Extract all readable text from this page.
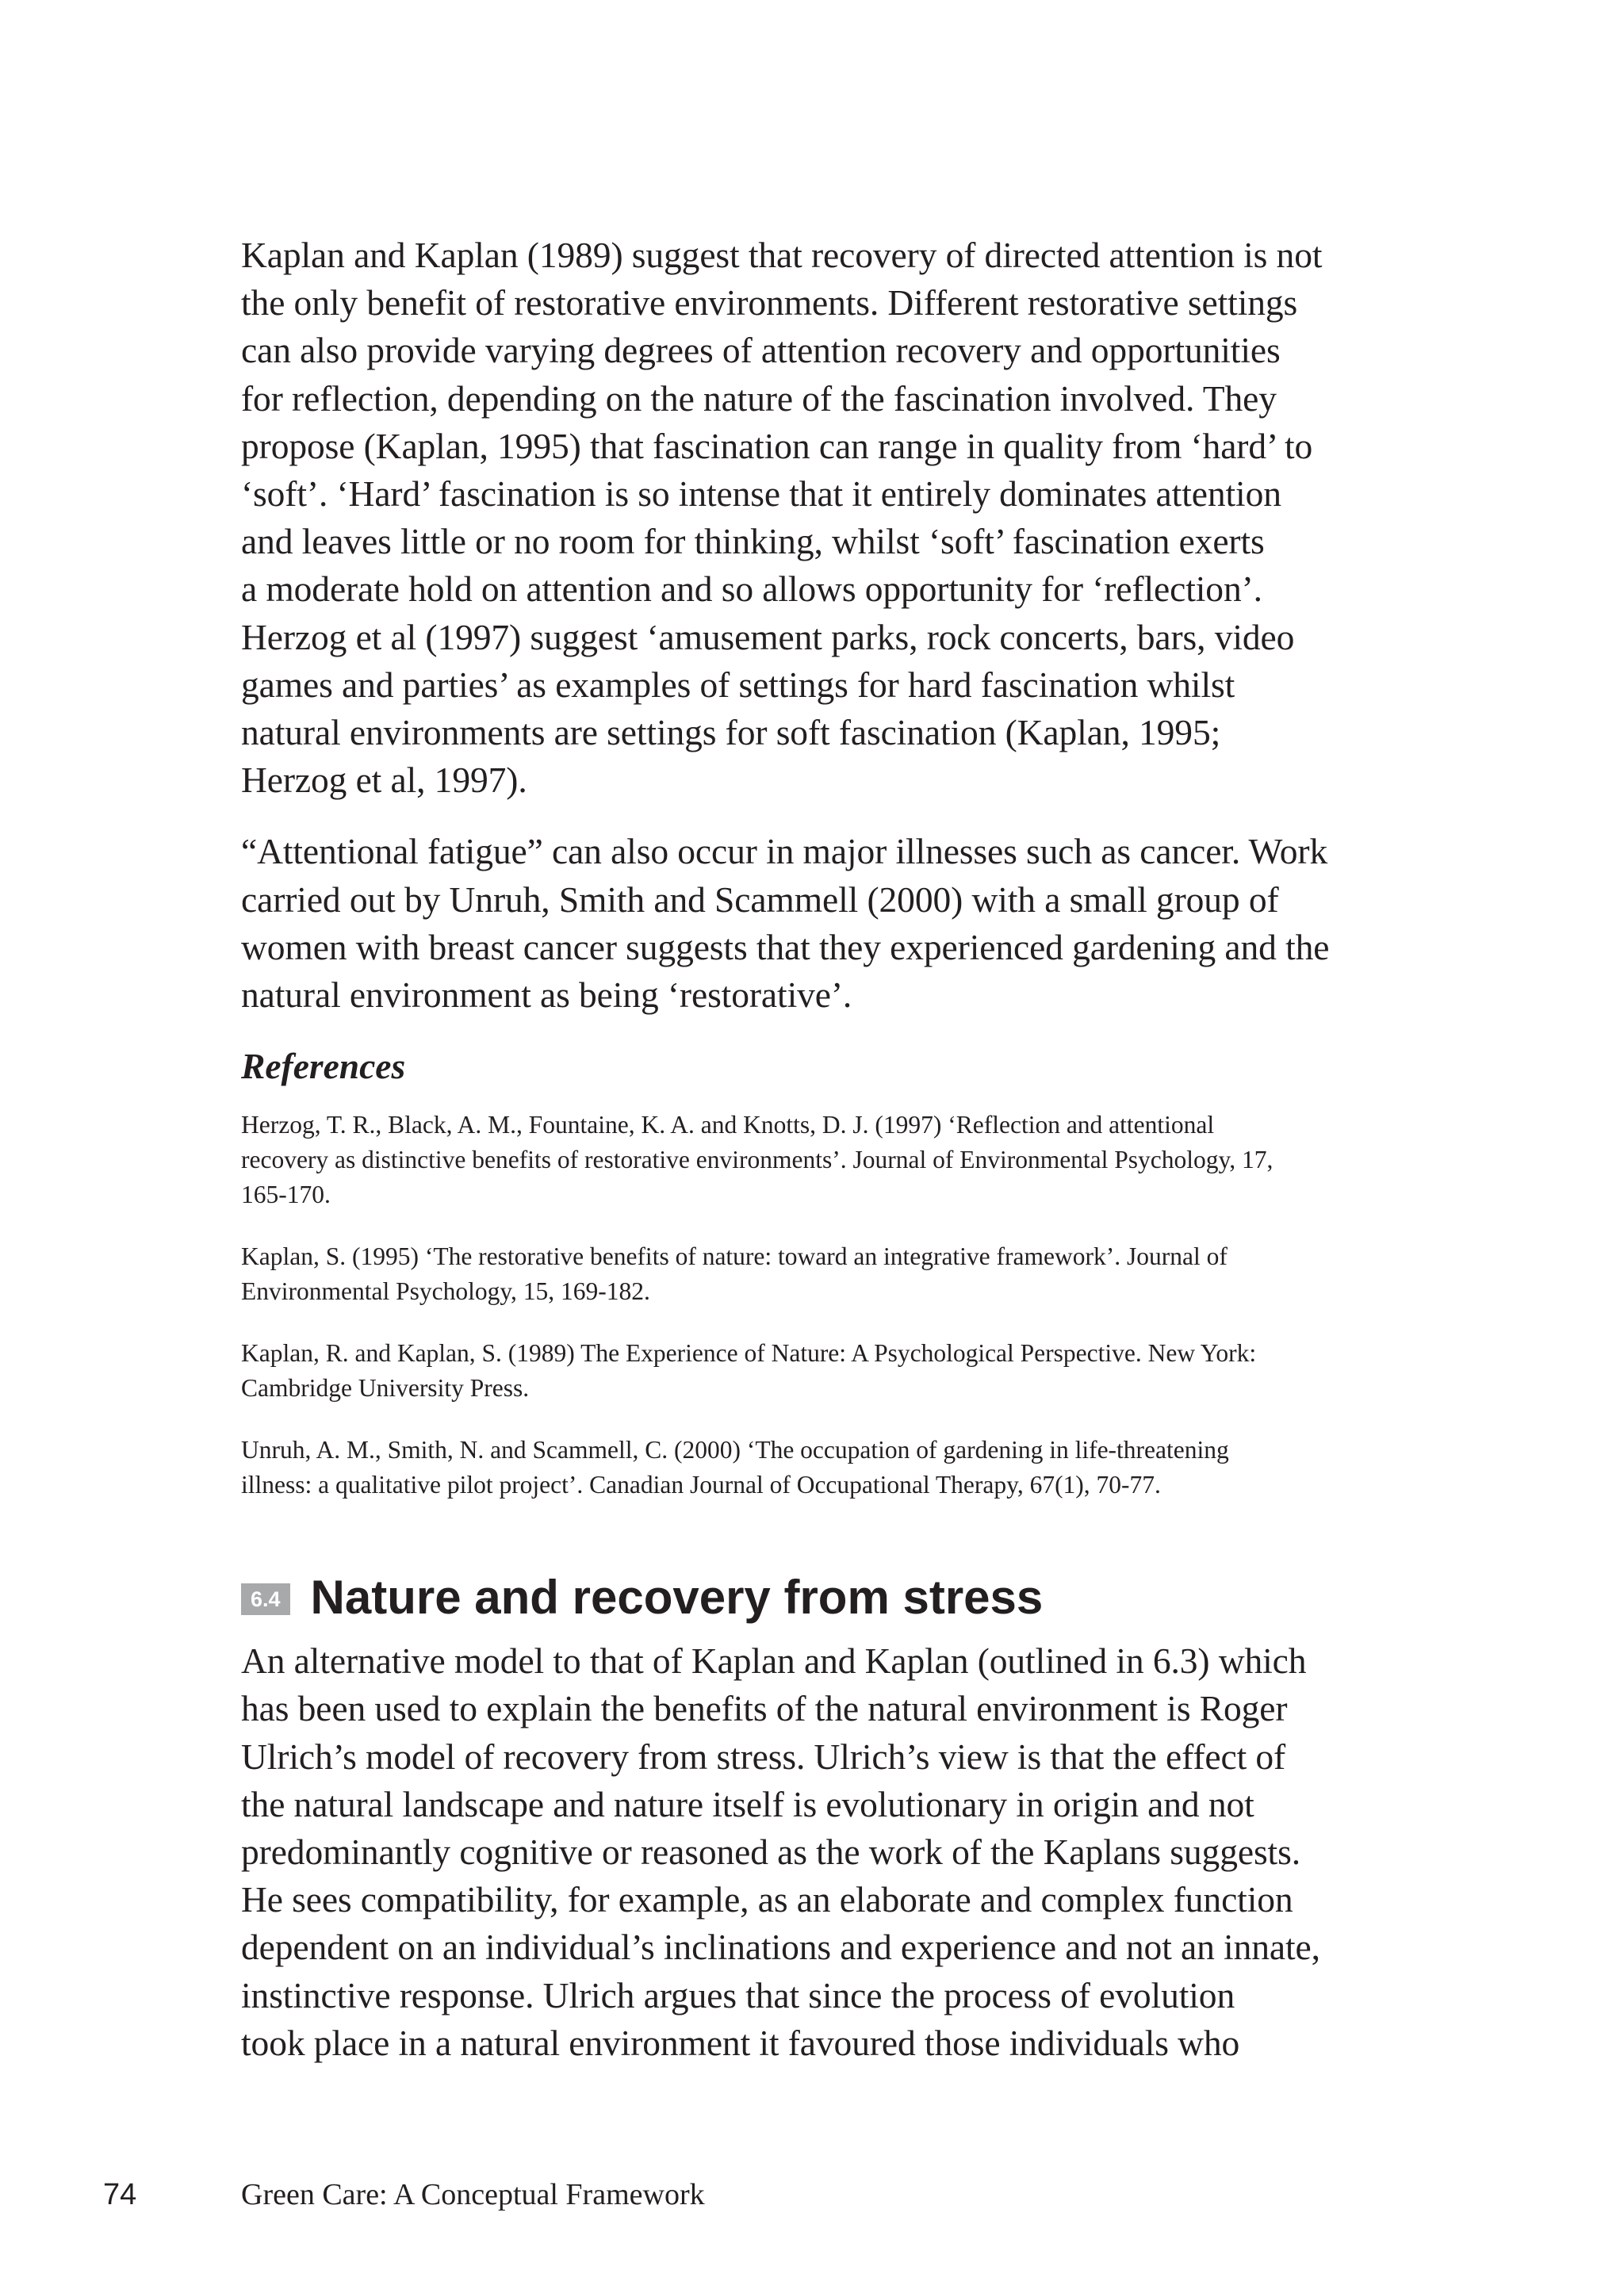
Kaplan and Kaplan (1989) suggest that recovery of directed attention is not
the only benefit of restorative environments. Different restorative settings
can also provide varying degrees of attention recovery and opportunities
for reflection, depending on the nature of the fascination involved. They
propose (Kaplan, 1995) that fascination can range in quality from ‘hard’ to
‘soft’. ‘Hard’ fascination is so intense that it entirely dominates attention
and leaves little or no room for thinking, whilst ‘soft’ fascination exerts
a moderate hold on attention and so allows opportunity for ‘reflection’.
Herzog et al (1997) suggest ‘amusement parks, rock concerts, bars, video
games and parties’ as examples of settings for hard fascination whilst
natural environments are settings for soft fascination (Kaplan, 1995;
Herzog et al, 1997).

“Attentional fatigue” can also occur in major illnesses such as cancer. Work
carried out by Unruh, Smith and Scammell (2000) with a small group of
women with breast cancer suggests that they experienced gardening and the
natural environment as being ‘restorative’.

References

Herzog, T. R., Black, A. M., Fountaine, K. A. and Knotts, D. J. (1997) ‘Reflection and attentional
recovery as distinctive benefits of restorative environments’. Journal of Environmental Psychology, 17,
165-170.

Kaplan, S. (1995) ‘The restorative benefits of nature: toward an integrative framework’. Journal of
Environmental Psychology, 15, 169-182.

Kaplan, R. and Kaplan, S. (1989) The Experience of Nature: A Psychological Perspective. New York:
Cambridge University Press.

Unruh, A. M., Smith, N. and Scammell, C. (2000) ‘The occupation of gardening in life-threatening
illness: a qualitative pilot project’. Canadian Journal of Occupational Therapy, 67(1), 70-77.

6.4 Nature and recovery from stress

An alternative model to that of Kaplan and Kaplan (outlined in 6.3) which
has been used to explain the benefits of the natural environment is Roger
Ulrich’s model of recovery from stress. Ulrich’s view is that the effect of
the natural landscape and nature itself is evolutionary in origin and not
predominantly cognitive or reasoned as the work of the Kaplans suggests.
He sees compatibility, for example, as an elaborate and complex function
dependent on an individual’s inclinations and experience and not an innate,
instinctive response. Ulrich argues that since the process of evolution
took place in a natural environment it favoured those individuals who

74	Green Care: A Conceptual Framework
